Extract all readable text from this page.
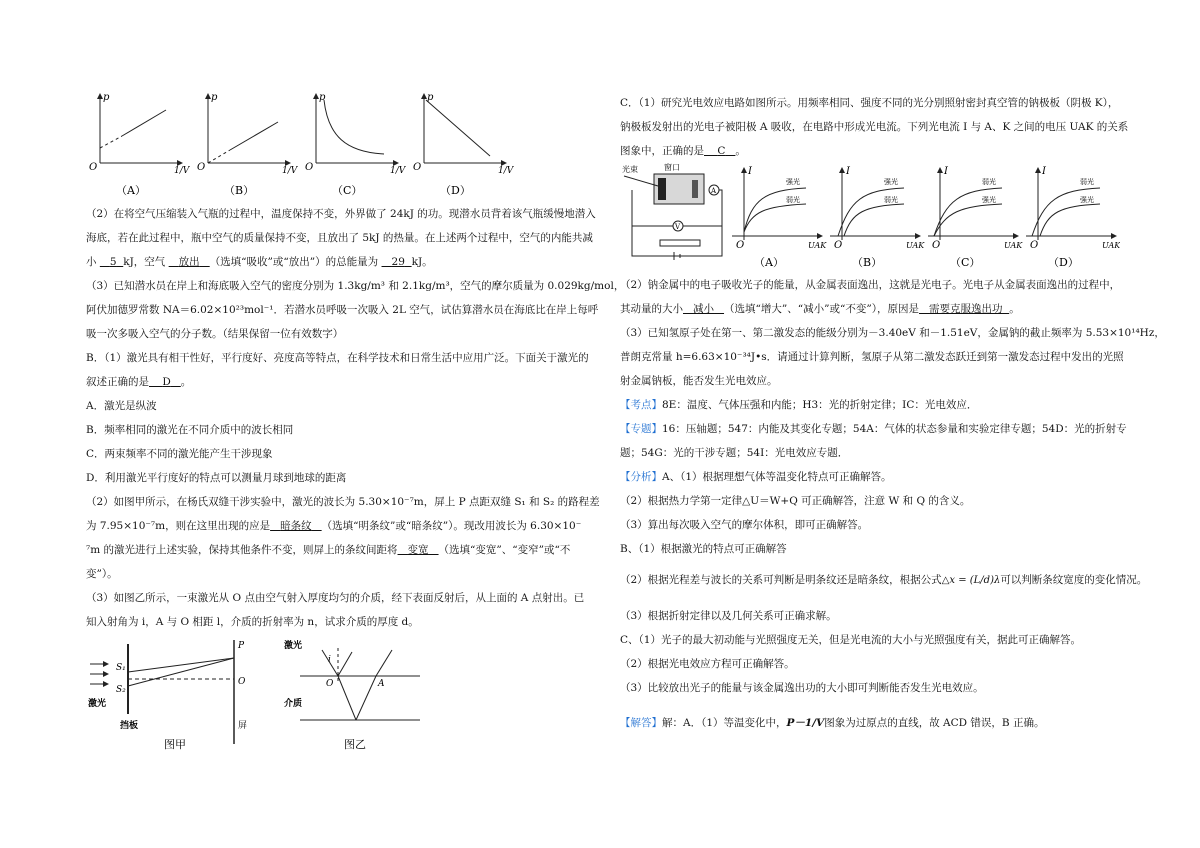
p
O	1/V
（A）
p
O	1/V
（B）
p
O	1/V
（C）
p
O	1/V
（D）
（2）在将空气压缩装入气瓶的过程中，温度保持不变，外界做了 24kJ 的功。现潜水员背着该气瓶缓慢地潜入
海底，若在此过程中，瓶中空气的质量保持不变，且放出了 5kJ 的热量。在上述两个过程中，空气的内能共减
小 5 kJ，空气 放出 （选填“吸收”或“放出”）的总能量为 29 kJ。
（3）已知潜水员在岸上和海底吸入空气的密度分别为 1.3kg/m³ 和 2.1kg/m³，空气的摩尔质量为 0.029kg/mol，
阿伏加德罗常数 NA＝6.02×10²³mol⁻¹．若潜水员呼吸一次吸入 2L 空气，试估算潜水员在海底比在岸上每呼
吸一次多吸入空气的分子数。（结果保留一位有效数字）
B．（1）激光具有相干性好，平行度好、亮度高等特点，在科学技术和日常生活中应用广泛。下面关于激光的
叙述正确的是 D 。
A．激光是纵波
B．频率相同的激光在不同介质中的波长相同
C．两束频率不同的激光能产生干涉现象
D．利用激光平行度好的特点可以测量月球到地球的距离
（2）如图甲所示，在杨氏双缝干涉实验中，激光的波长为 5.30×10⁻⁷m，屏上 P 点距双缝 S₁ 和 S₂ 的路程差
为 7.95×10⁻⁷m，则在这里出现的应是 暗条纹 （选填“明条纹”或“暗条纹”）。现改用波长为 6.30×10⁻
⁷m 的激光进行上述实验，保持其他条件不变，则屏上的条纹间距将 变宽 （选填“变宽”、“变窄”或“不
变”）。
（3）如图乙所示，一束激光从 O 点由空气射入厚度均匀的介质，经下表面反射后，从上面的 A 点射出。已
知入射角为 i，A 与 O 相距 l，介质的折射率为 n，试求介质的厚度 d。
S₁
S₂
P
O
激光
挡板	屏
图甲
激光
i
O	A
介质
图乙
C．（1）研究光电效应电路如图所示。用频率相同、强度不同的光分别照射密封真空管的钠极板（阴极 K），
钠极板发射出的光电子被阳极 A 吸收，在电路中形成光电流。下列光电流 I 与 A、K 之间的电压 UAK 的关系
图象中，正确的是 C 。
光束	窗口
A
V
I
O	UAK
强光
弱光
（A）
I
O	UAK
强光
弱光
（B）
I
O	UAK
弱光
强光
（C）
I
O	UAK
弱光
强光
（D）
（2）钠金属中的电子吸收光子的能量，从金属表面逸出，这就是光电子。光电子从金属表面逸出的过程中，
其动量的大小 减小 （选填“增大”、“减小”或“不变”），原因是 需要克服逸出功 。
（3）已知氢原子处在第一、第二激发态的能级分别为－3.40eV 和－1.51eV，金属钠的截止频率为 5.53×10¹⁴Hz，
普朗克常量 h=6.63×10⁻³⁴J•s．请通过计算判断，氢原子从第二激发态跃迁到第一激发态过程中发出的光照
射金属钠板，能否发生光电效应。
【考点】8E：温度、气体压强和内能；H3：光的折射定律；IC：光电效应．
【专题】16：压轴题；547：内能及其变化专题；54A：气体的状态参量和实验定律专题；54D：光的折射专
题；54G：光的干涉专题；54I：光电效应专题．
【分析】A、（1）根据理想气体等温变化特点可正确解答。
（2）根据热力学第一定律△U＝W+Q 可正确解答，注意 W 和 Q 的含义。
（3）算出每次吸入空气的摩尔体积，即可正确解答。
B、（1）根据激光的特点可正确解答
（2）根据光程差与波长的关系可判断是明条纹还是暗条纹，根据公式△x = (L/d)λ可以判断条纹宽度的变化情况。
（3）根据折射定律以及几何关系可正确求解。
C、（1）光子的最大初动能与光照强度无关，但是光电流的大小与光照强度有关，据此可正确解答。
（2）根据光电效应方程可正确解答。
（3）比较放出光子的能量与该金属逸出功的大小即可判断能否发生光电效应。
【解答】解：A．（1）等温变化中，P－1/V图象为过原点的直线，故 ACD 错误，B 正确。
